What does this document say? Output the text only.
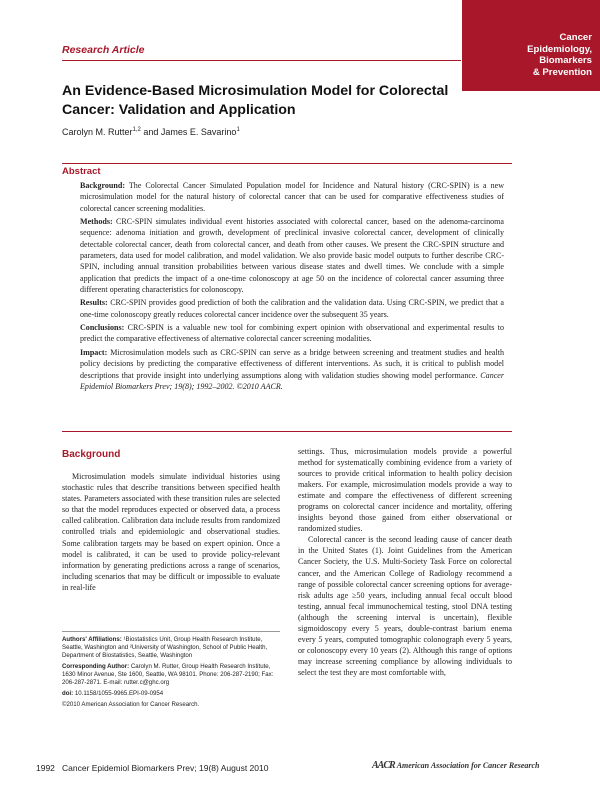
Cancer
Epidemiology,
Biomarkers
& Prevention
Research Article
An Evidence-Based Microsimulation Model for Colorectal Cancer: Validation and Application
Carolyn M. Rutter$^{1,2}$ and James E. Savarino$^1$
Abstract

Background: The Colorectal Cancer Simulated Population model for Incidence and Natural history (CRC-SPIN) is a new microsimulation model for the natural history of colorectal cancer that can be used for comparative effectiveness studies of colorectal cancer screening modalities.

Methods: CRC-SPIN simulates individual event histories associated with colorectal cancer, based on the adenoma-carcinoma sequence: adenoma initiation and growth, development of preclinical invasive colorectal cancer, development of clinically detectable colorectal cancer, death from colorectal cancer, and death from other causes. We present the CRC-SPIN structure and parameters, data used for model calibration, and model validation. We also provide basic model outputs to further describe CRC-SPIN, including annual transition probabilities between various disease states and dwell times. We conclude with a simple application that predicts the impact of a one-time colonoscopy at age 50 on the incidence of colorectal cancer assuming three different operating characteristics for colonoscopy.

Results: CRC-SPIN provides good prediction of both the calibration and the validation data. Using CRC-SPIN, we predict that a one-time colonoscopy greatly reduces colorectal cancer incidence over the subsequent 35 years.

Conclusions: CRC-SPIN is a valuable new tool for combining expert opinion with observational and experimental results to predict the comparative effectiveness of alternative colorectal cancer screening modalities.

Impact: Microsimulation models such as CRC-SPIN can serve as a bridge between screening and treatment studies and health policy decisions by predicting the comparative effectiveness of different interventions. As such, it is critical to publish model descriptions that provide insight into underlying assumptions along with validation studies showing model performance. Cancer Epidemiol Biomarkers Prev; 19(8); 1992–2002. ©2010 AACR.

Background

Microsimulation models simulate individual histories using stochastic rules that describe transitions between specified health states. Parameters associated with these transition rules are selected so that the model reproduces expected or observed data, a process called calibration. Calibration data include results from randomized controlled trials and epidemiologic and observational studies. Some calibration targets may be based on expert opinion. Once a model is calibrated, it can be used to provide policy-relevant information by generating predictions across a range of scenarios, including scenarios that may be difficult or impossible to evaluate in real-life

settings. Thus, microsimulation models provide a powerful method for systematically combining evidence from a variety of sources to provide critical information to health policy decision makers. For example, microsimulation models provide a way to estimate and compare the effectiveness of different screening programs on colorectal cancer incidence and mortality, offering insights beyond those gained from either observational or randomized studies.

Colorectal cancer is the second leading cause of cancer death in the United States (1). Joint Guidelines from the American Cancer Society, the U.S. Multi-Society Task Force on colorectal cancer, and the American College of Radiology recommend a range of possible colorectal cancer screening options for average-risk adults age ≥50 years, including annual fecal occult blood testing, annual fecal immunochemical testing, stool DNA testing (although the screening interval is uncertain), flexible sigmoidoscopy every 5 years, double-contrast barium enema every 5 years, computed tomographic colonograph every 5 years, or colonoscopy every 10 years (2). Although this range of options may increase screening compliance by allowing individuals to select the test they are most comfortable with,

Authors' Affiliations: ¹Biostatistics Unit, Group Health Research Institute, Seattle, Washington and ²University of Washington, School of Public Health, Department of Biostatistics, Seattle, Washington

Corresponding Author: Carolyn M. Rutter, Group Health Research Institute, 1630 Minor Avenue, Ste 1600, Seattle, WA 98101. Phone: 206-287-2190; Fax: 206-287-2871. E-mail: rutter.c@ghc.org

doi: 10.1158/1055-9965.EPI-09-0954

©2010 American Association for Cancer Research.

1992 Cancer Epidemiol Biomarkers Prev; 19(8) August 2010	AACR American Association for Cancer Research
